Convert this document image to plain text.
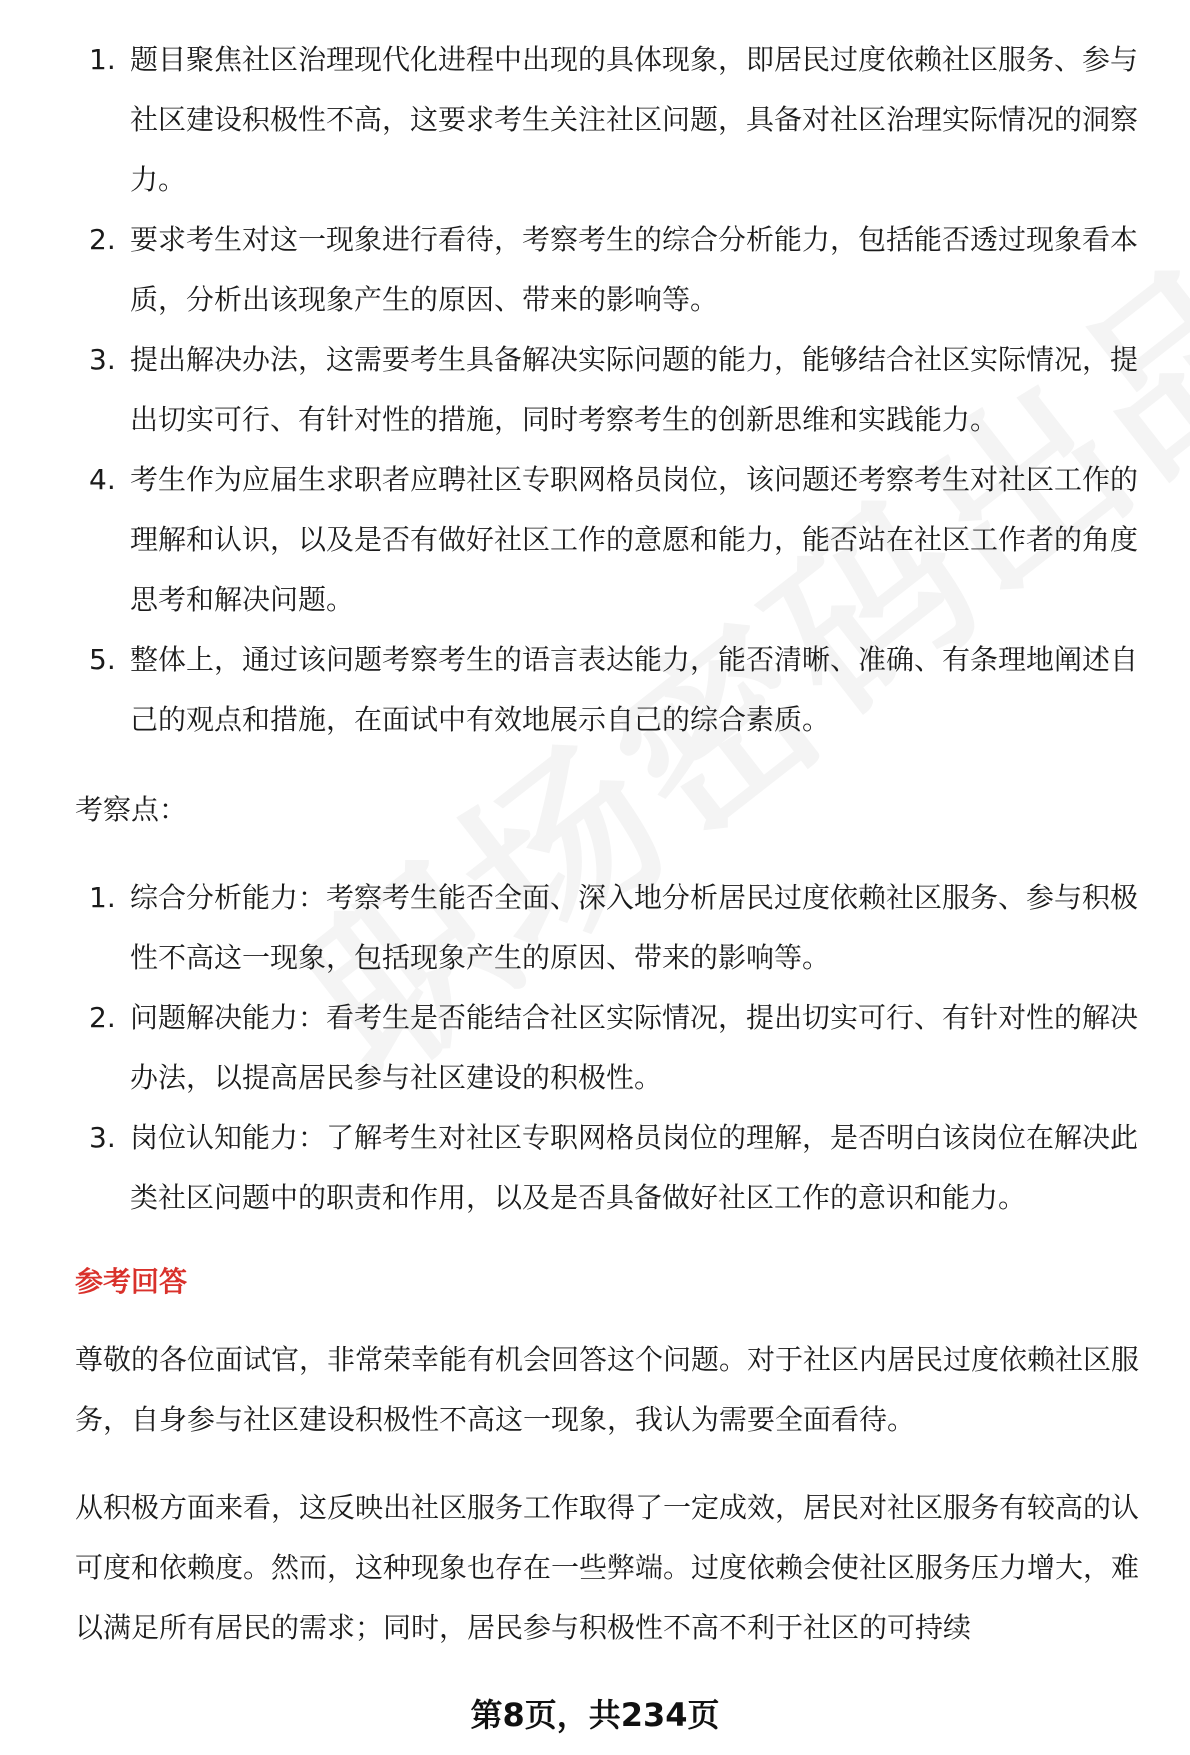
1. 题目聚焦社区治理现代化进程中出现的具体现象，即居民过度依赖社区服务、参与社区建设积极性不高，这要求考生关注社区问题，具备对社区治理实际情况的洞察力。
2. 要求考生对这一现象进行看待，考察考生的综合分析能力，包括能否透过现象看本质，分析出该现象产生的原因、带来的影响等。
3. 提出解决办法，这需要考生具备解决实际问题的能力，能够结合社区实际情况，提出切实可行、有针对性的措施，同时考察考生的创新思维和实践能力。
4. 考生作为应届生求职者应聘社区专职网格员岗位，该问题还考察考生对社区工作的理解和认识，以及是否有做好社区工作的意愿和能力，能否站在社区工作者的角度思考和解决问题。
5. 整体上，通过该问题考察考生的语言表达能力，能否清晰、准确、有条理地阐述自己的观点和措施，在面试中有效地展示自己的综合素质。
考察点：
1. 综合分析能力：考察考生能否全面、深入地分析居民过度依赖社区服务、参与积极性不高这一现象，包括现象产生的原因、带来的影响等。
2. 问题解决能力：看考生是否能结合社区实际情况，提出切实可行、有针对性的解决办法，以提高居民参与社区建设的积极性。
3. 岗位认知能力：了解考生对社区专职网格员岗位的理解，是否明白该岗位在解决此类社区问题中的职责和作用，以及是否具备做好社区工作的意识和能力。
参考回答
尊敬的各位面试官，非常荣幸能有机会回答这个问题。对于社区内居民过度依赖社区服务，自身参与社区建设积极性不高这一现象，我认为需要全面看待。
从积极方面来看，这反映出社区服务工作取得了一定成效，居民对社区服务有较高的认可度和依赖度。然而，这种现象也存在一些弊端。过度依赖会使社区服务压力增大，难以满足所有居民的需求；同时，居民参与积极性不高不利于社区的可持续
第8页，共234页
